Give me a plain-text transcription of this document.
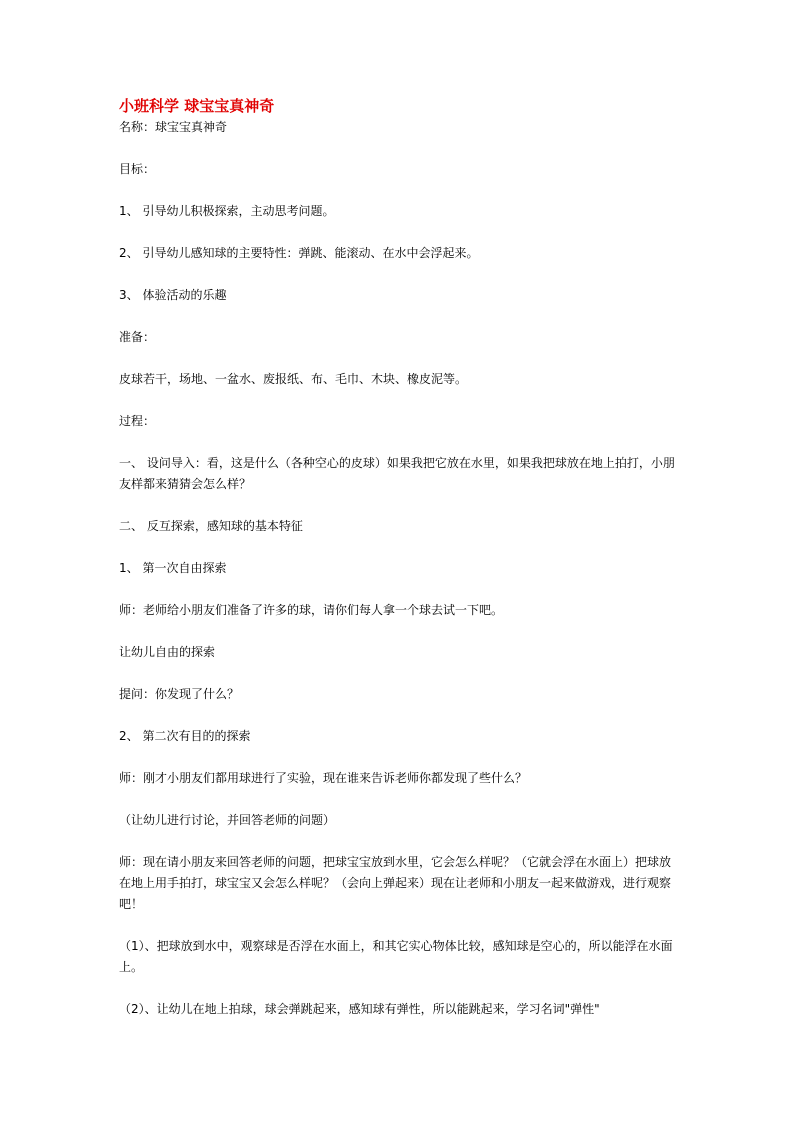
小班科学 球宝宝真神奇

名称：球宝宝真神奇

目标：

1、 引导幼儿积极探索，主动思考问题。

2、 引导幼儿感知球的主要特性：弹跳、能滚动、在水中会浮起来。

3、 体验活动的乐趣

准备：

皮球若干，场地、一盆水、废报纸、布、毛巾、木块、橡皮泥等。

过程：

一、 设问导入：看，这是什么（各种空心的皮球）如果我把它放在水里，如果我把球放在地上拍打，小朋友样都来猜猜会怎么样？

二、 反互探索，感知球的基本特征

1、 第一次自由探索

师：老师给小朋友们准备了许多的球，请你们每人拿一个球去试一下吧。

让幼儿自由的探索

提问：你发现了什么？

2、 第二次有目的的探索

师：刚才小朋友们都用球进行了实验，现在谁来告诉老师你都发现了些什么？

（让幼儿进行讨论，并回答老师的问题）

师：现在请小朋友来回答老师的问题，把球宝宝放到水里，它会怎么样呢？（它就会浮在水面上）把球放在地上用手拍打，球宝宝又会怎么样呢？（会向上弹起来）现在让老师和小朋友一起来做游戏，进行观察吧！

（1）、把球放到水中，观察球是否浮在水面上，和其它实心物体比较，感知球是空心的，所以能浮在水面上。

（2）、让幼儿在地上拍球，球会弹跳起来，感知球有弹性，所以能跳起来，学习名词"弹性"
